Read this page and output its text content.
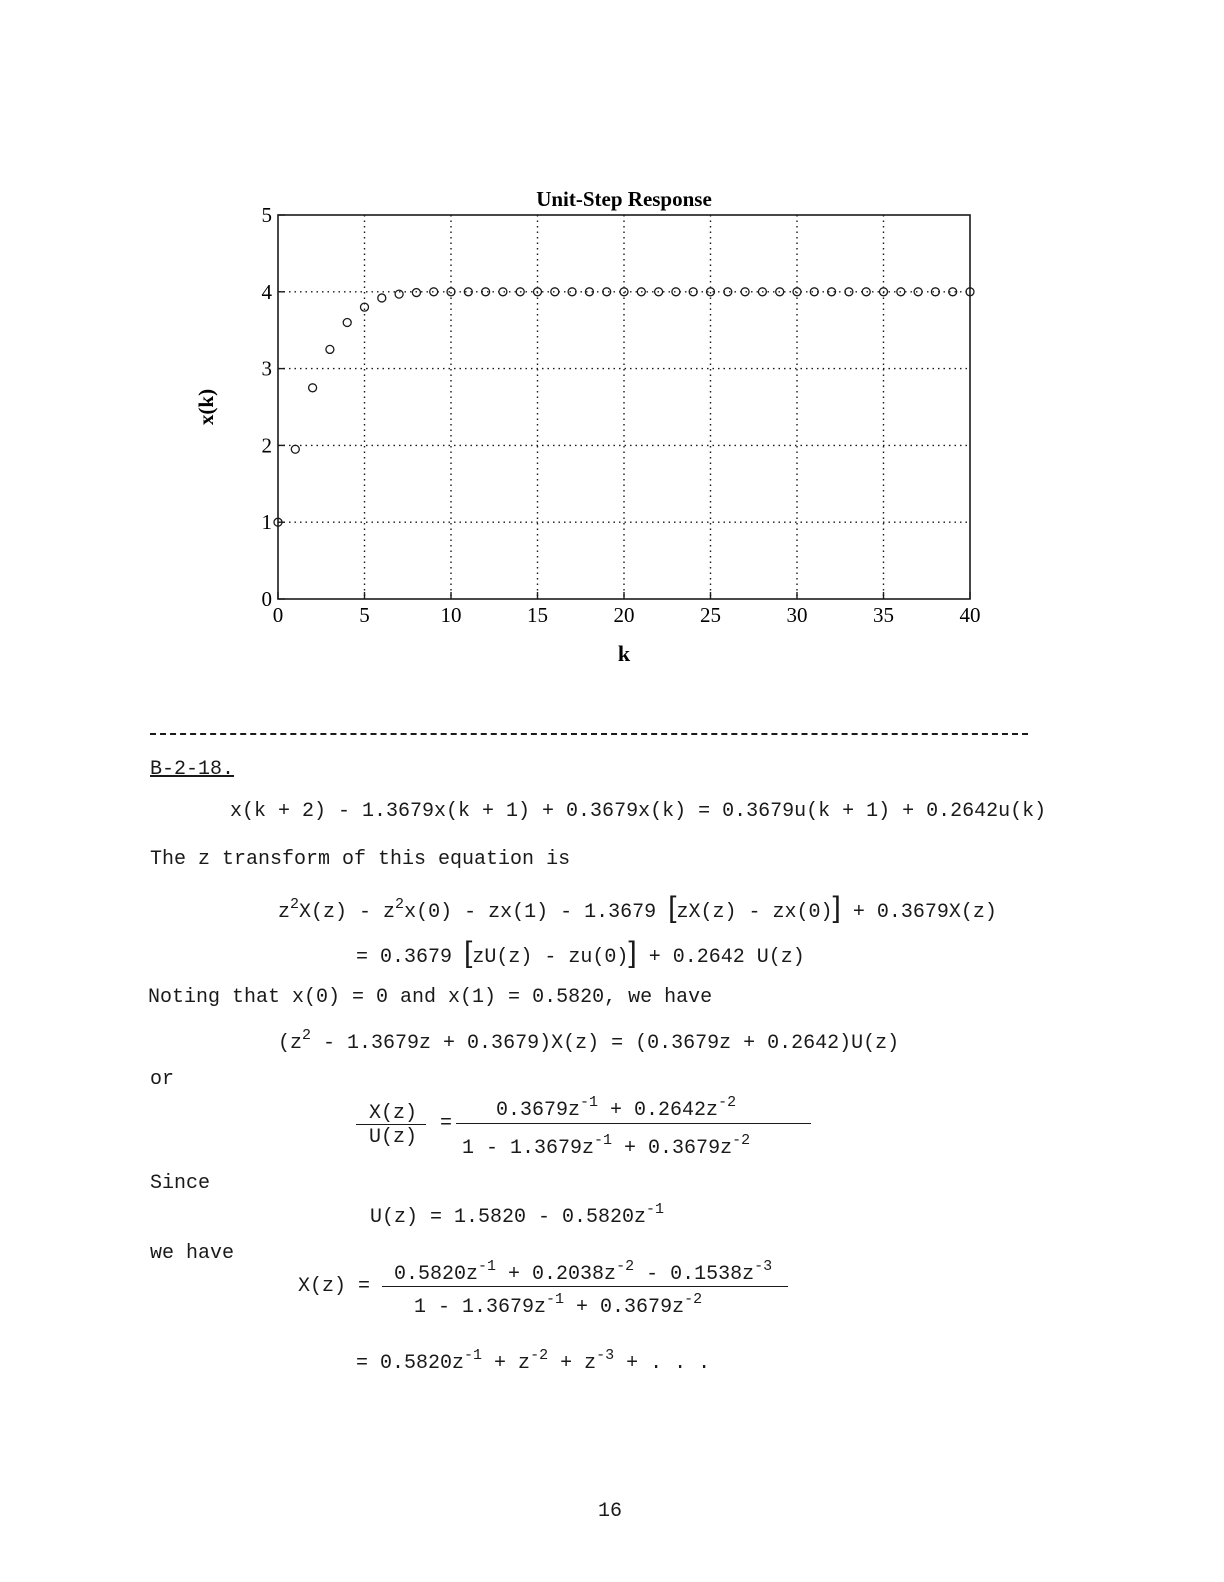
Unit-Step Response
x(k)
k
0	5	10	15	20	25	30	35	40
0
1
2
3
4
5
B-2-18.
x(k + 2) - 1.3679x(k + 1) + 0.3679x(k) = 0.3679u(k + 1) + 0.2642u(k)
The z transform of this equation is
$z^2X(z) - z^2x(0) - zx(1) - 1.3679$ [zX(z) - zx(0)] + 0.3679X(z)
= 0.3679 [zU(z) - zu(0)] + 0.2642 U(z)
Noting that x(0) = 0 and x(1) = 0.5820, we have
$(z^2 - 1.3679z + 0.3679)X(z) = (0.3679z + 0.2642)U(z)$
or
X(z)
U(z)
=
$0.3679z^{-1} + 0.2642z^{-2}$
$1 - 1.3679z^{-1} + 0.3679z^{-2}$
Since
$U(z) = 1.5820 - 0.5820z^{-1}$
we have
X(z) =
$0.5820z^{-1} + 0.2038z^{-2} - 0.1538z^{-3}$
$1 - 1.3679z^{-1} + 0.3679z^{-2}$
= $0.5820z^{-1} + z^{-2} + z^{-3}$ + . . .
16
